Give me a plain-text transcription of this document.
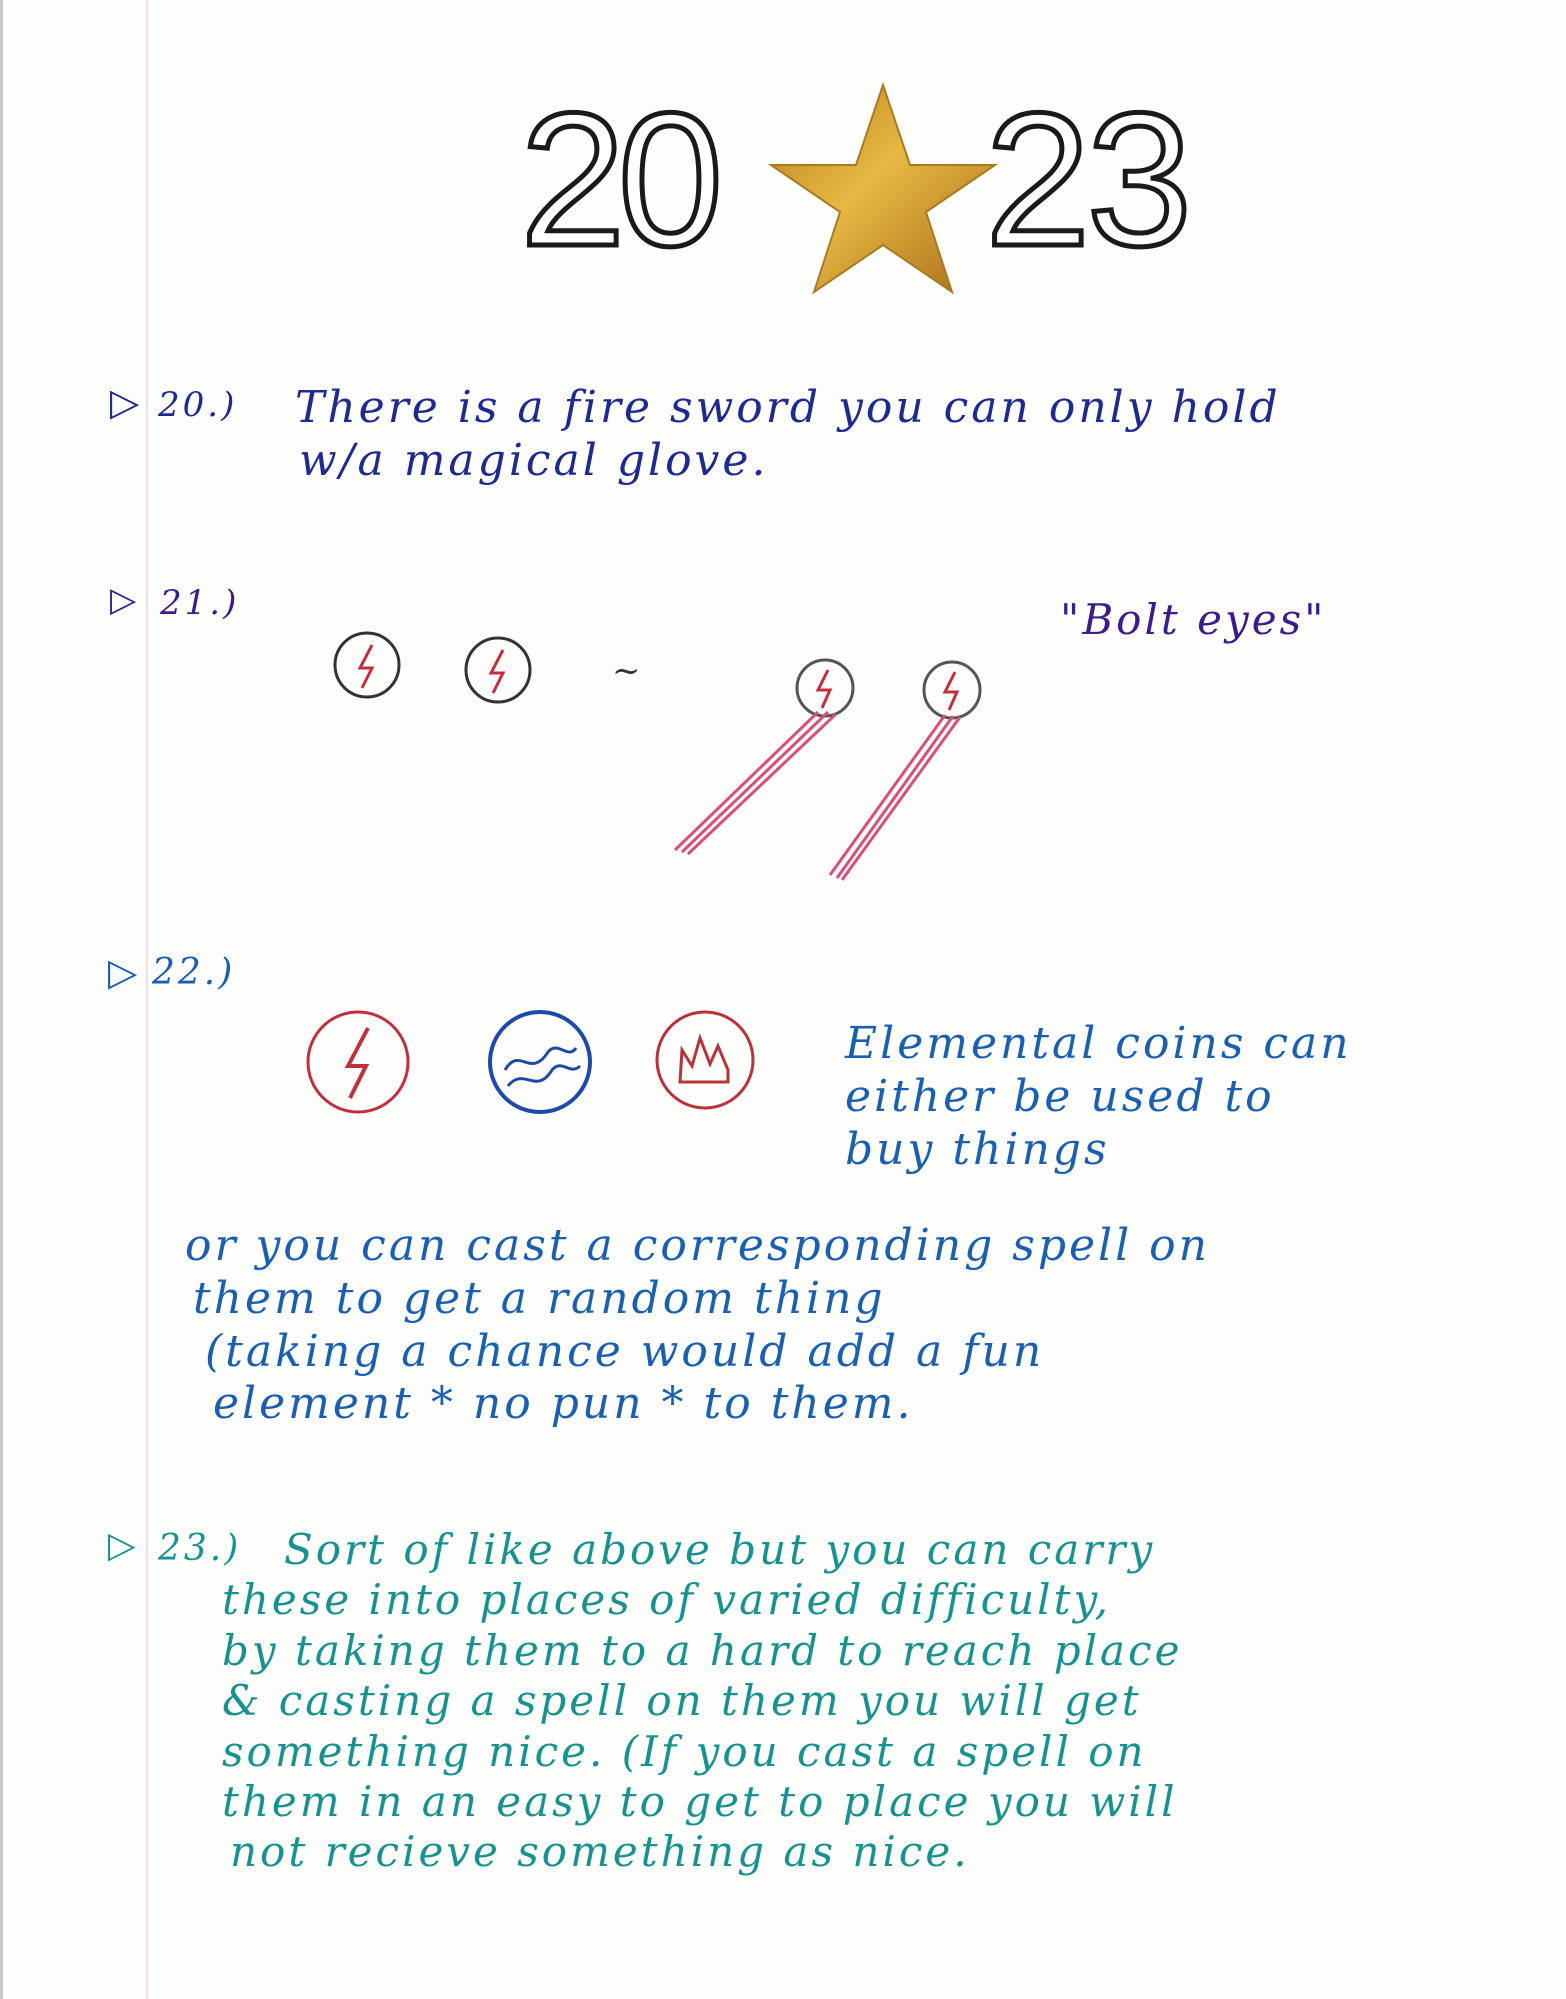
20 23
▷ 20.) There is a fire sword you can only hold
w/a magical glove.
▷ 21.)	"Bolt eyes"
~
▷ 22.)
Elemental coins can
either be used to
buy things
or you can cast a corresponding spell on
them to get a random thing
(taking a chance would add a fun
element * no pun * to them.
▷ 23.)	Sort of like above but you can carry
these into places of varied difficulty,
by taking them to a hard to reach place
& casting a spell on them you will get
something nice. (If you cast a spell on
them in an easy to get to place you will
not recieve something as nice.
